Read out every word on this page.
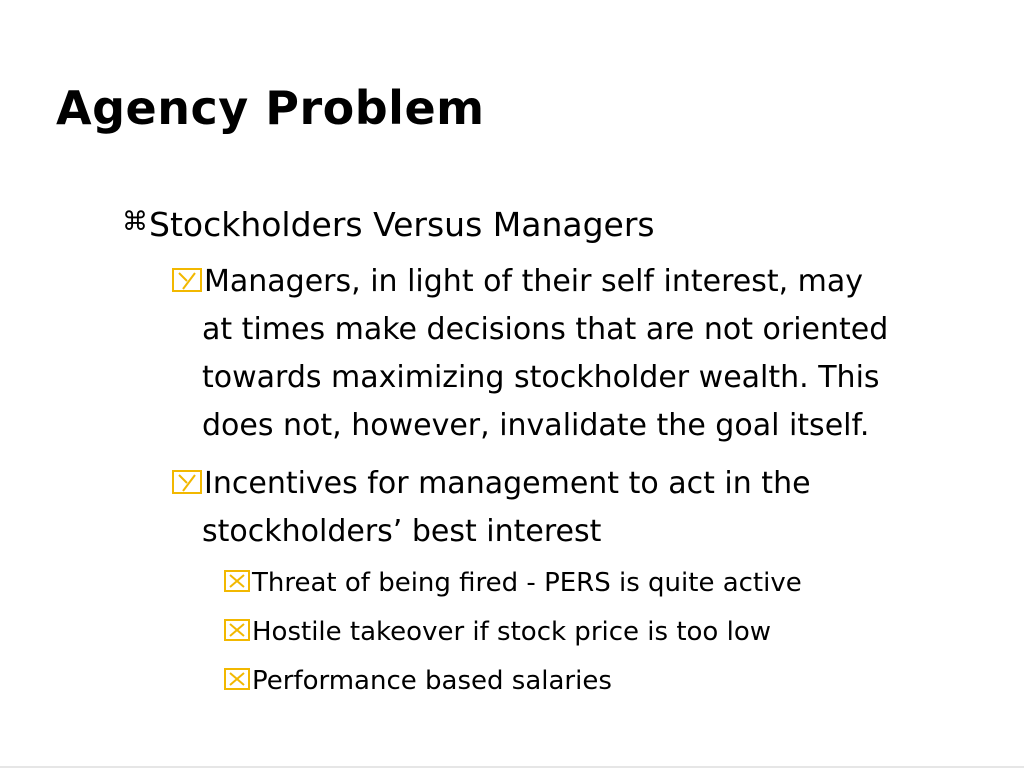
Agency Problem

⌘Stockholders Versus Managers

Managers, in light of their self interest, may
at times make decisions that are not oriented
towards maximizing stockholder wealth. This
does not, however, invalidate the goal itself.
Incentives for management to act in the
stockholders’ best interest

Threat of being fired - PERS is quite active

Hostile takeover if stock price is too low

Performance based salaries
